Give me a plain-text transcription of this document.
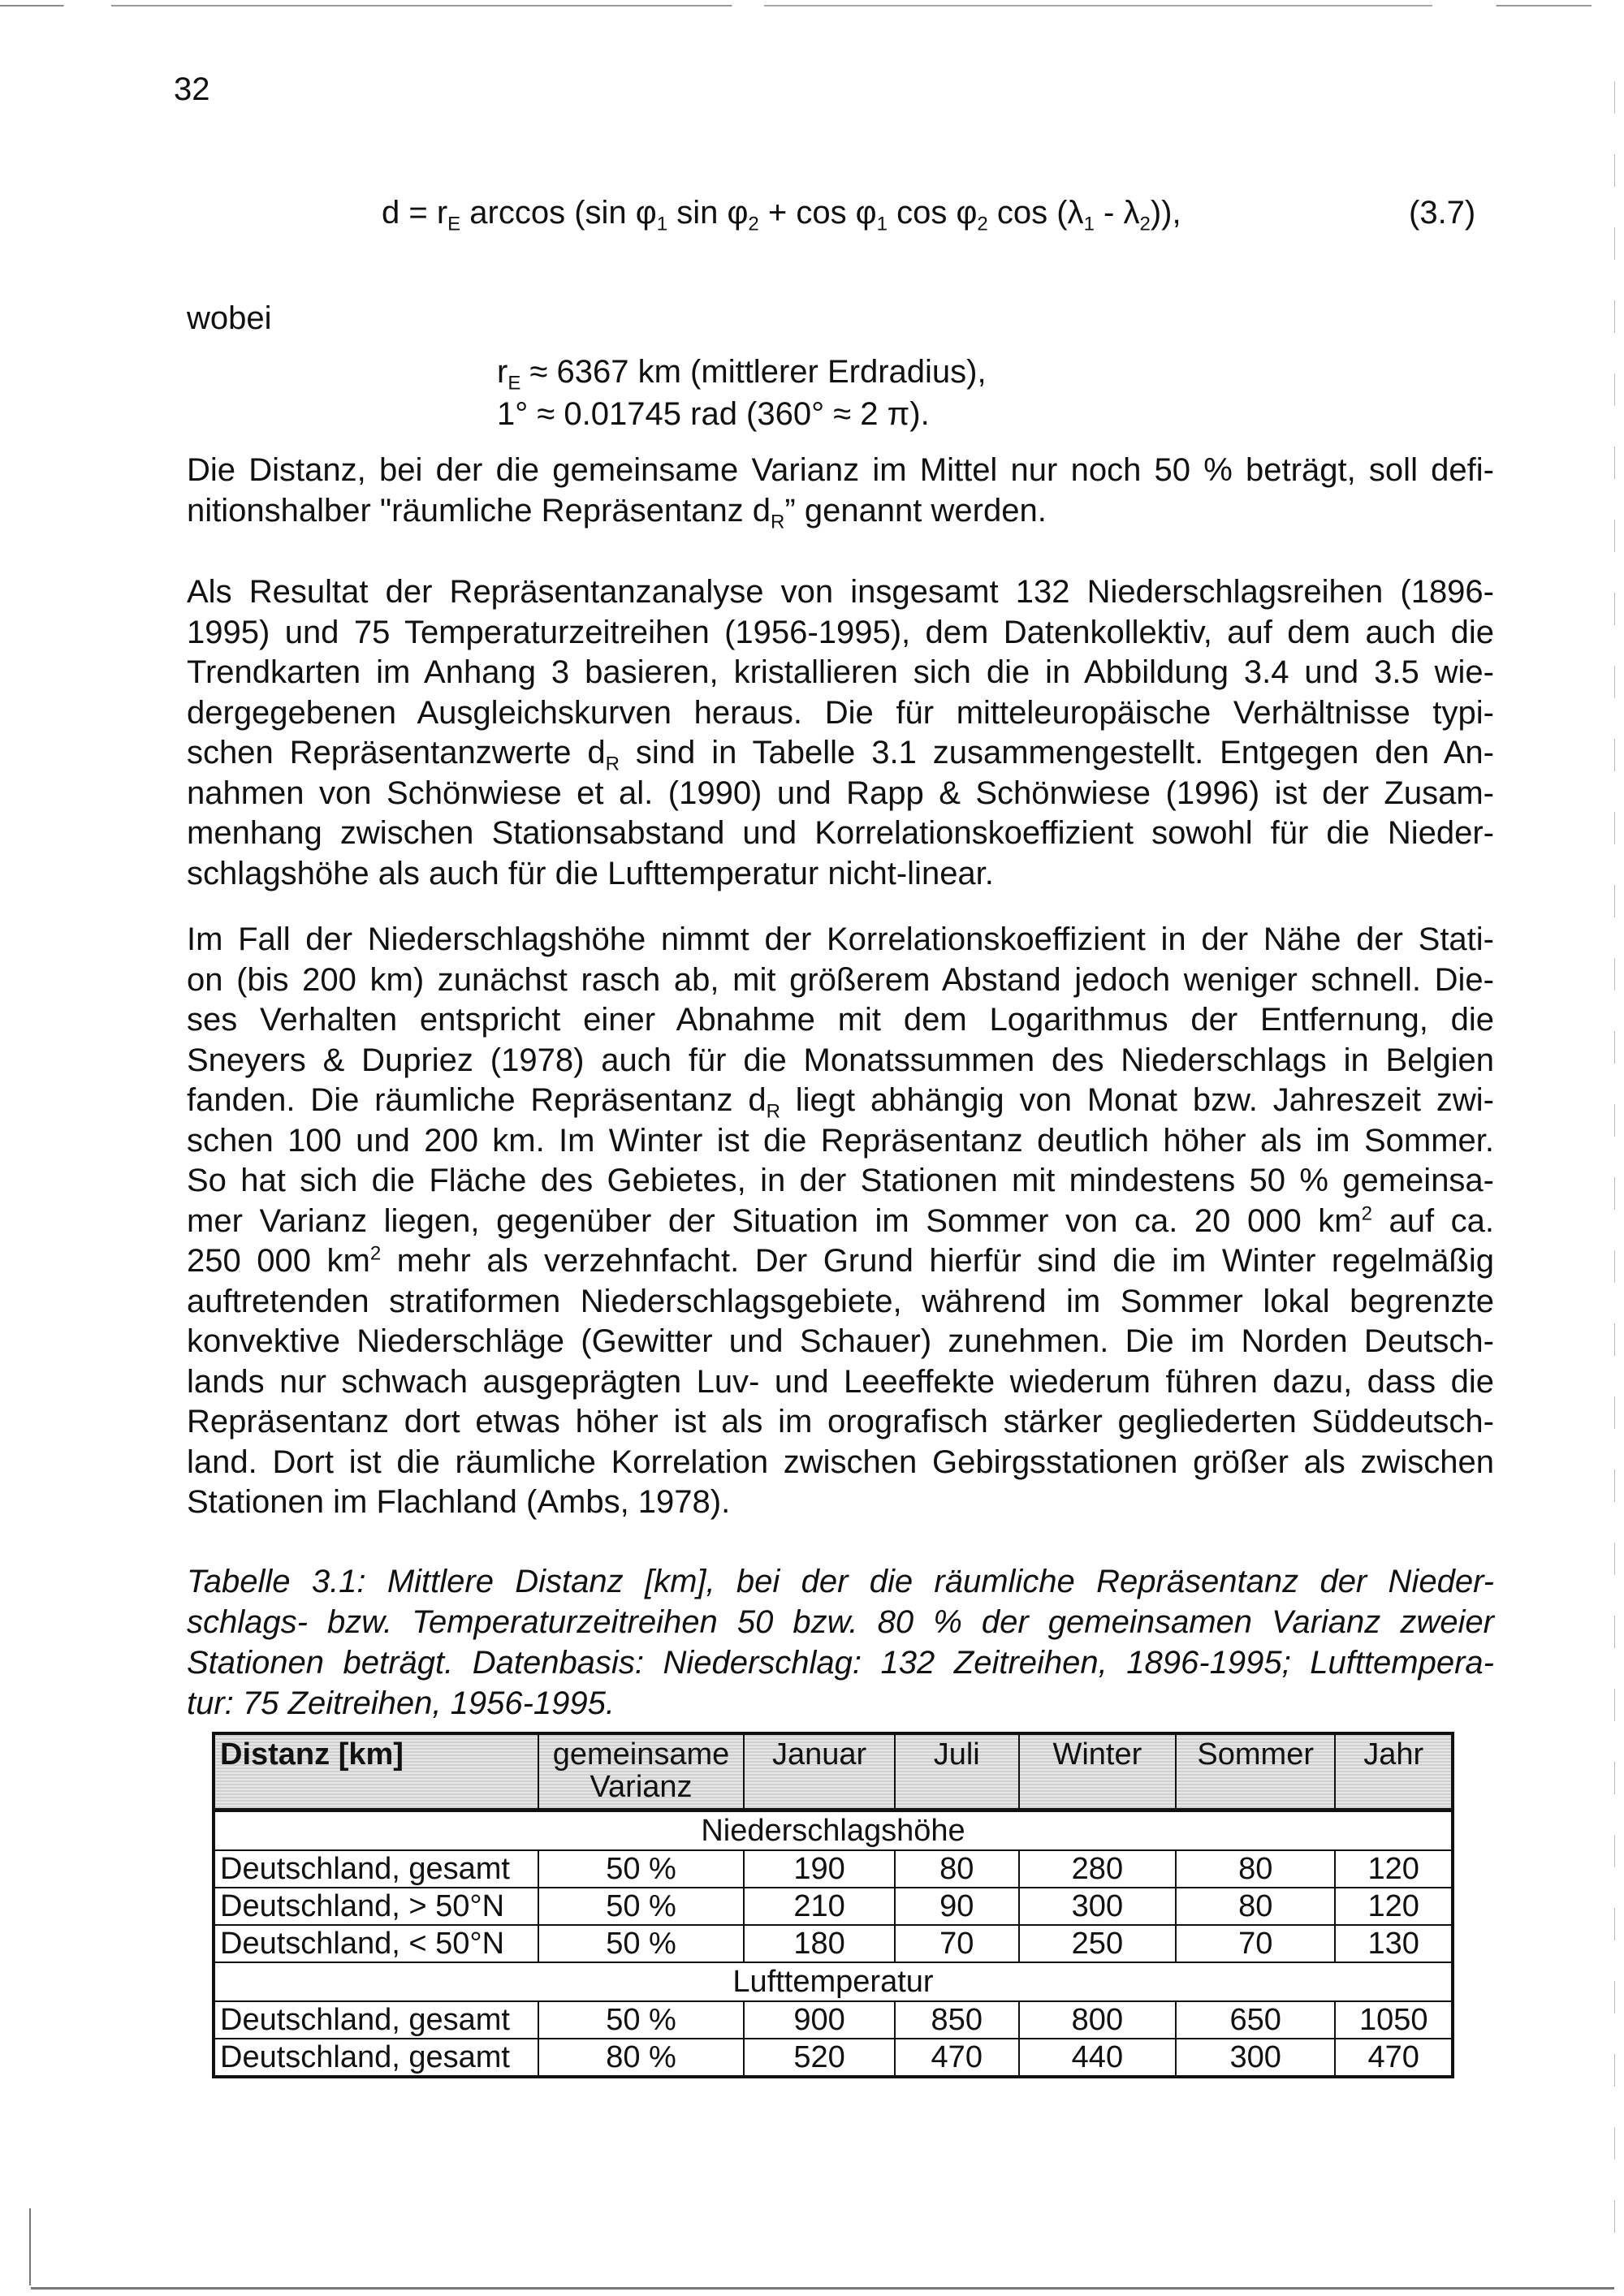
32
$d = r_E$ arccos (sin $\varphi_1$ $\sin \varphi_2 + \cos \varphi_1$ $\cos \varphi_2$ $\cos (\lambda_1 - \lambda_2)$),	(3.7)
wobei
$r_E \approx 6367$ km (mittlerer Erdradius),
1° ≈ 0.01745 rad (360° ≈ 2 π).
Die Distanz, bei der die gemeinsame Varianz im Mittel nur noch 50 % beträgt, soll defi-
nitionshalber "räumliche Repräsentanz $d_R$” genannt werden.
Als Resultat der Repräsentanzanalyse von insgesamt 132 Niederschlagsreihen (1896-
1995) und 75 Temperaturzeitreihen (1956-1995), dem Datenkollektiv, auf dem auch die
Trendkarten im Anhang 3 basieren, kristallieren sich die in Abbildung 3.4 und 3.5 wie-
dergegebenen Ausgleichskurven heraus. Die für mitteleuropäische Verhältnisse typi-
schen Repräsentanzwerte $d_R$ sind in Tabelle 3.1 zusammengestellt. Entgegen den An-
nahmen von Schönwiese et al. (1990) und Rapp & Schönwiese (1996) ist der Zusam-
menhang zwischen Stationsabstand und Korrelationskoeffizient sowohl für die Nieder-
schlagshöhe als auch für die Lufttemperatur nicht-linear.
Im Fall der Niederschlagshöhe nimmt der Korrelationskoeffizient in der Nähe der Stati-
on (bis 200 km) zunächst rasch ab, mit größerem Abstand jedoch weniger schnell. Die-
ses Verhalten entspricht einer Abnahme mit dem Logarithmus der Entfernung, die
Sneyers & Dupriez (1978) auch für die Monatssummen des Niederschlags in Belgien
fanden. Die räumliche Repräsentanz $d_R$ liegt abhängig von Monat bzw. Jahreszeit zwi-
schen 100 und 200 km. Im Winter ist die Repräsentanz deutlich höher als im Sommer.
So hat sich die Fläche des Gebietes, in der Stationen mit mindestens 50 % gemeinsa-
mer Varianz liegen, gegenüber der Situation im Sommer von ca. 20 000 $km^2$ auf ca.
250 000 $km^2$ mehr als verzehnfacht. Der Grund hierfür sind die im Winter regelmäßig
auftretenden stratiformen Niederschlagsgebiete, während im Sommer lokal begrenzte
konvektive Niederschläge (Gewitter und Schauer) zunehmen. Die im Norden Deutsch-
lands nur schwach ausgeprägten Luv- und Leeeffekte wiederum führen dazu, dass die
Repräsentanz dort etwas höher ist als im orografisch stärker gegliederten Süddeutsch-
land. Dort ist die räumliche Korrelation zwischen Gebirgsstationen größer als zwischen
Stationen im Flachland (Ambs, 1978).
Tabelle 3.1: Mittlere Distanz [km], bei der die räumliche Repräsentanz der Nieder-
schlags- bzw. Temperaturzeitreihen 50 bzw. 80 % der gemeinsamen Varianz zweier
Stationen beträgt. Datenbasis: Niederschlag: 132 Zeitreihen, 1896-1995; Lufttempera-
tur: 75 Zeitreihen, 1956-1995.
Distanz [km]	gemeinsame Varianz	Januar	Juli	Winter	Sommer	Jahr
Niederschlagshöhe						
Deutschland, gesamt	50 %	190	80	280	80	120
Deutschland, > 50°N	50 %	210	90	300	80	120
Deutschland, < 50°N	50 %	180	70	250	70	130
Lufttemperatur						
Deutschland, gesamt	50 %	900	850	800	650	1050
Deutschland, gesamt	80 %	520	470	440	300	470
